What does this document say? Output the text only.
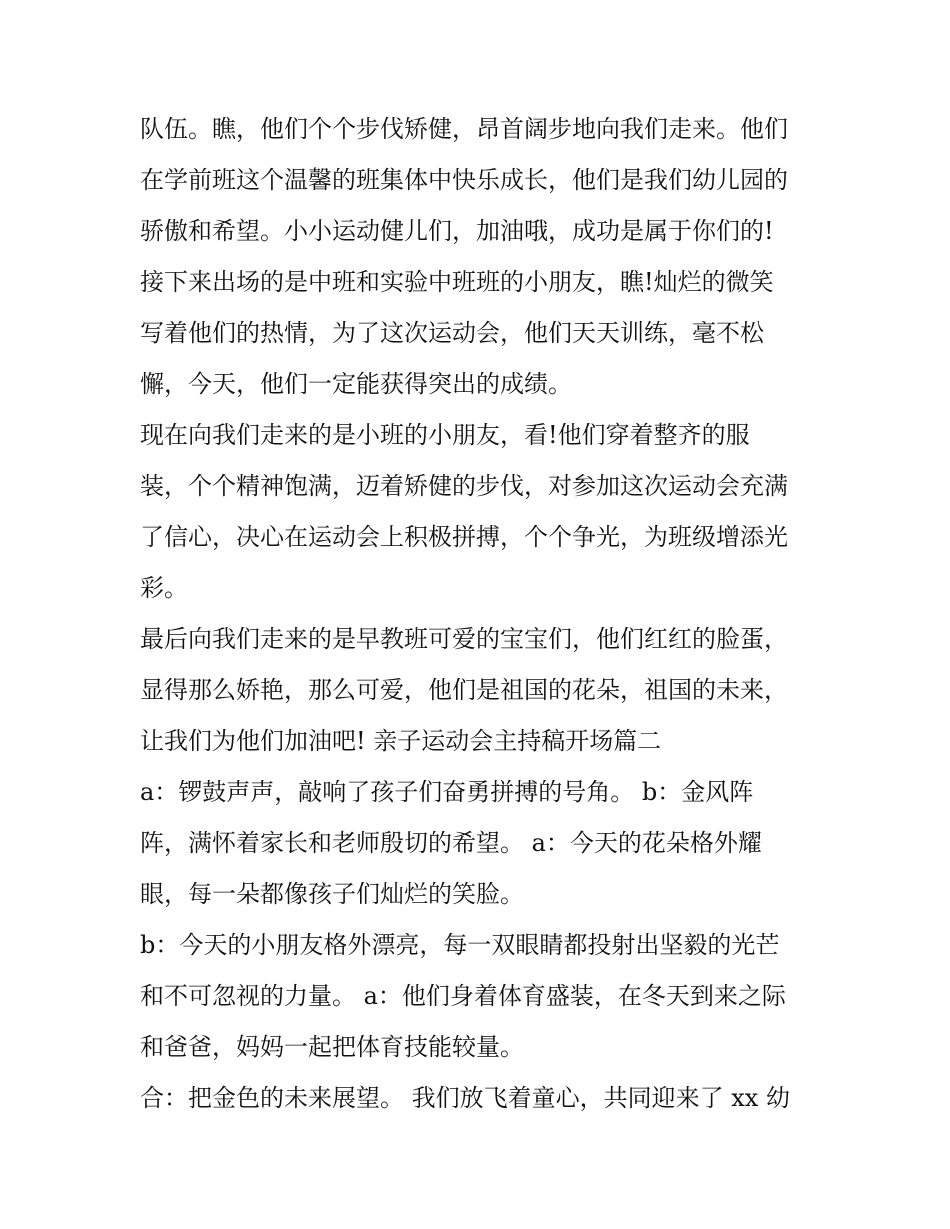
队伍。瞧，他们个个步伐矫健，昂首阔步地向我们走来。他们
在学前班这个温馨的班集体中快乐成长，他们是我们幼儿园的
骄傲和希望。小小运动健儿们，加油哦，成功是属于你们的!
接下来出场的是中班和实验中班班的小朋友，瞧!灿烂的微笑
写着他们的热情，为了这次运动会，他们天天训练，毫不松
懈，今天，他们一定能获得突出的成绩。
现在向我们走来的是小班的小朋友，看!他们穿着整齐的服
装，个个精神饱满，迈着矫健的步伐，对参加这次运动会充满
了信心，决心在运动会上积极拼搏，个个争光，为班级增添光
彩。
最后向我们走来的是早教班可爱的宝宝们，他们红红的脸蛋，
显得那么娇艳，那么可爱，他们是祖国的花朵，祖国的未来，
让我们为他们加油吧! 亲子运动会主持稿开场篇二
a：锣鼓声声，敲响了孩子们奋勇拼搏的号角。 b：金风阵
阵，满怀着家长和老师殷切的希望。 a：今天的花朵格外耀
眼，每一朵都像孩子们灿烂的笑脸。
b：今天的小朋友格外漂亮，每一双眼睛都投射出坚毅的光芒
和不可忽视的力量。 a：他们身着体育盛装，在冬天到来之际
和爸爸，妈妈一起把体育技能较量。
合：把金色的未来展望。 我们放飞着童心，共同迎来了 xx 幼
